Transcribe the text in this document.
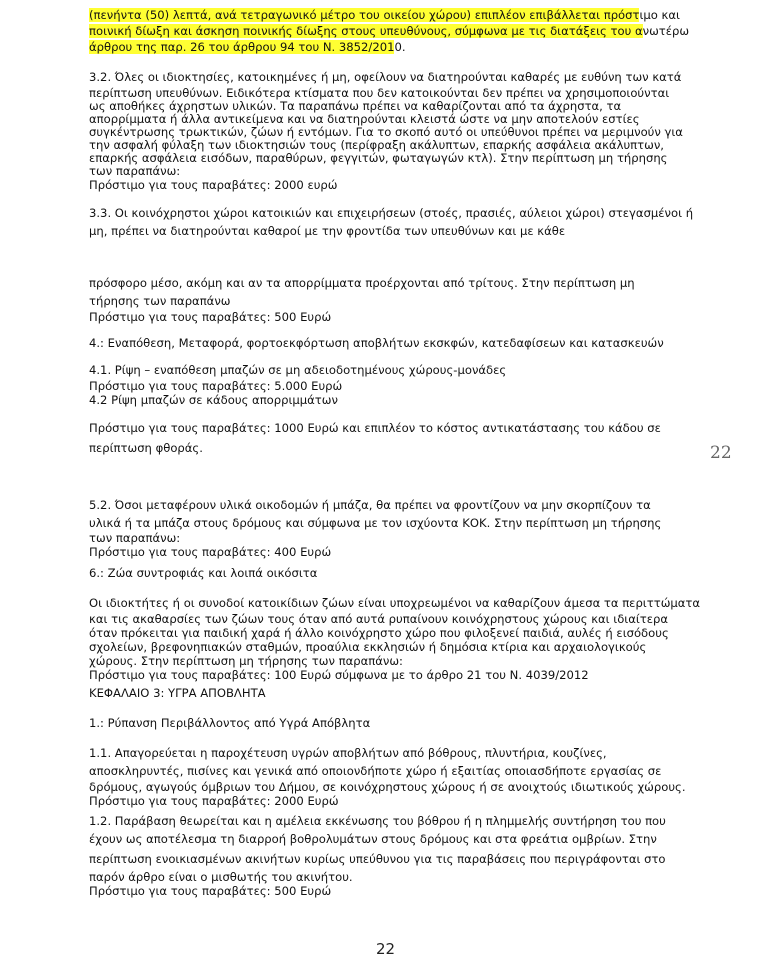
(πενήντα (50) λεπτά, ανά τετραγωνικό μέτρο του οικείου χώρου) επιπλέον επιβάλλεται πρόστιμο και

ποινική δίωξη και άσκηση ποινικής δίωξης στους υπευθύνους, σύμφωνα με τις διατάξεις του ανωτέρω

άρθρου της παρ. 26 του άρθρου 94 του Ν. 3852/2010.

3.2. Όλες οι ιδιοκτησίες, κατοικημένες ή μη, οφείλουν να διατηρούνται καθαρές με ευθύνη των κατά

περίπτωση υπευθύνων. Ειδικότερα κτίσματα που δεν κατοικούνται δεν πρέπει να χρησιμοποιούνται

ως αποθήκες άχρηστων υλικών. Τα παραπάνω πρέπει να καθαρίζονται από τα άχρηστα, τα

απορρίμματα ή άλλα αντικείμενα και να διατηρούνται κλειστά ώστε να μην αποτελούν εστίες

συγκέντρωσης τρωκτικών, ζώων ή εντόμων. Για το σκοπό αυτό οι υπεύθυνοι πρέπει να μεριμνούν για

την ασφαλή φύλαξη των ιδιοκτησιών τους (περίφραξη ακάλυπτων, επαρκής ασφάλεια ακάλυπτων,

επαρκής ασφάλεια εισόδων, παραθύρων, φεγγιτών, φωταγωγών κτλ). Στην περίπτωση μη τήρησης

των παραπάνω:

Πρόστιμο για τους παραβάτες: 2000 ευρώ

3.3. Οι κοινόχρηστοι χώροι κατοικιών και επιχειρήσεων (στοές, πρασιές, αύλειοι χώροι) στεγασμένοι ή

μη, πρέπει να διατηρούνται καθαροί με την φροντίδα των υπευθύνων και με κάθε

πρόσφορο μέσο, ακόμη και αν τα απορρίμματα προέρχονται από τρίτους. Στην περίπτωση μη

τήρησης των παραπάνω

Πρόστιμο για τους παραβάτες: 500 Ευρώ

4.: Εναπόθεση, Μεταφορά, φορτοεκφόρτωση αποβλήτων εκσκφών, κατεδαφίσεων και κατασκευών

4.1. Ρίψη – εναπόθεση μπαζών σε μη αδειοδοτημένους χώρους-μονάδες

Πρόστιμο για τους παραβάτες: 5.000 Ευρώ

4.2 Ρίψη μπαζών σε κάδους απορριμμάτων

Πρόστιμο για τους παραβάτες: 1000 Ευρώ και επιπλέον το κόστος αντικατάστασης του κάδου σε

περίπτωση φθοράς.	22

5.2. Όσοι μεταφέρουν υλικά οικοδομών ή μπάζα, θα πρέπει να φροντίζουν να μην σκορπίζουν τα

υλικά ή τα μπάζα στους δρόμους και σύμφωνα με τον ισχύοντα ΚΟΚ. Στην περίπτωση μη τήρησης

των παραπάνω:

Πρόστιμο για τους παραβάτες: 400 Ευρώ

6.: Ζώα συντροφιάς και λοιπά οικόσιτα

Οι ιδιοκτήτες ή οι συνοδοί κατοικίδιων ζώων είναι υποχρεωμένοι να καθαρίζουν άμεσα τα περιττώματα

και τις ακαθαρσίες των ζώων τους όταν από αυτά ρυπαίνουν κοινόχρηστους χώρους και ιδιαίτερα

όταν πρόκειται για παιδική χαρά ή άλλο κοινόχρηστο χώρο που φιλοξενεί παιδιά, αυλές ή εισόδους

σχολείων, βρεφονηπιακών σταθμών, προαύλια εκκλησιών ή δημόσια κτίρια και αρχαιολογικούς

χώρους. Στην περίπτωση μη τήρησης των παραπάνω:

Πρόστιμο για τους παραβάτες: 100 Ευρώ σύμφωνα με το άρθρο 21 του Ν. 4039/2012

ΚΕΦΑΛΑΙΟ 3: ΥΓΡΑ ΑΠΟΒΛΗΤΑ

1.: Ρύπανση Περιβάλλοντος από Υγρά Απόβλητα

1.1. Απαγορεύεται η παροχέτευση υγρών αποβλήτων από βόθρους, πλυντήρια, κουζίνες,

αποσκληρυντές, πισίνες και γενικά από οποιονδήποτε χώρο ή εξαιτίας οποιασδήποτε εργασίας σε

δρόμους, αγωγούς όμβριων του Δήμου, σε κοινόχρηστους χώρους ή σε ανοιχτούς ιδιωτικούς χώρους.

Πρόστιμο για τους παραβάτες: 2000 Ευρώ

1.2. Παράβαση θεωρείται και η αμέλεια εκκένωσης του βόθρου ή η πλημμελής συντήρηση του που

έχουν ως αποτέλεσμα τη διαρροή βοθρολυμάτων στους δρόμους και στα φρεάτια ομβρίων. Στην

περίπτωση ενοικιασμένων ακινήτων κυρίως υπεύθυνου για τις παραβάσεις που περιγράφονται στο

παρόν άρθρο είναι ο μισθωτής του ακινήτου.

Πρόστιμο για τους παραβάτες: 500 Ευρώ

22
